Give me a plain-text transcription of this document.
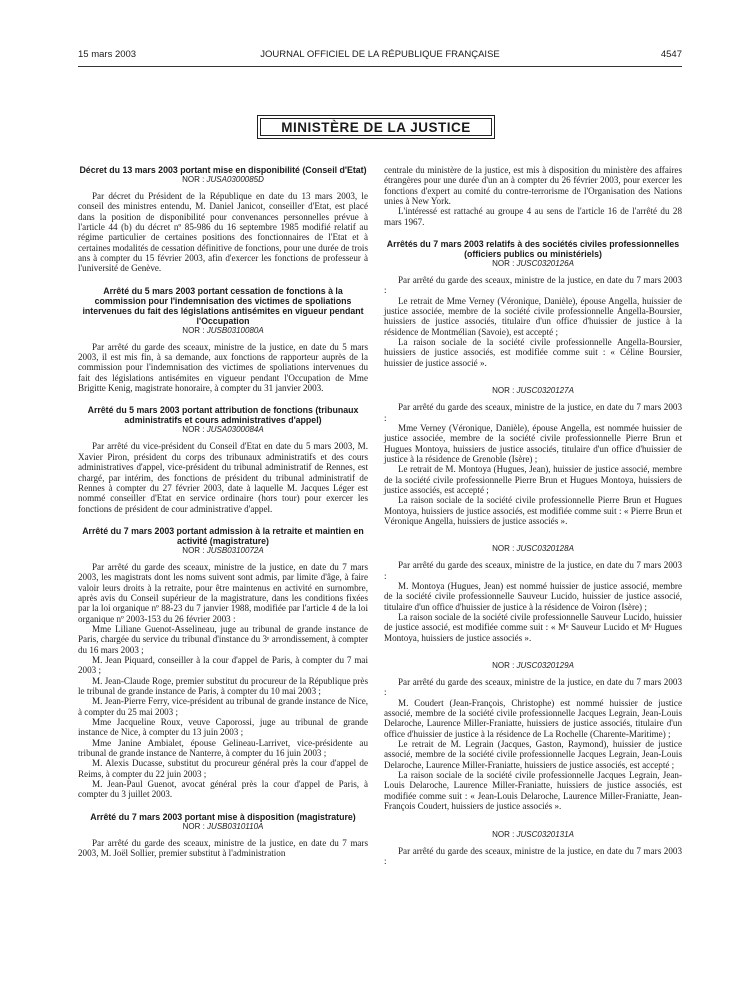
15 mars 2003	JOURNAL OFFICIEL DE LA RÉPUBLIQUE FRANÇAISE	4547
MINISTÈRE DE LA JUSTICE

Décret du 13 mars 2003 portant mise en disponibilité (Conseil d'Etat)

NOR : JUSA0300085D

Par décret du Président de la République en date du 13 mars 2003, le conseil des ministres entendu, M. Daniel Janicot, conseiller d'Etat, est placé dans la position de disponibilité pour convenances personnelles prévue à l'article 44 (b) du décret nº 85-986 du 16 septembre 1985 modifié relatif au régime particulier de certaines positions des fonctionnaires de l'Etat et à certaines modalités de cessation définitive de fonctions, pour une durée de trois ans à compter du 15 février 2003, afin d'exercer les fonctions de professeur à l'université de Genève.

Arrêté du 5 mars 2003 portant cessation de fonctions à la commission pour l'indemnisation des victimes de spoliations intervenues du fait des législations antisémites en vigueur pendant l'Occupation

NOR : JUSB0310080A

Par arrêté du garde des sceaux, ministre de la justice, en date du 5 mars 2003, il est mis fin, à sa demande, aux fonctions de rapporteur auprès de la commission pour l'indemnisation des victimes de spoliations intervenues du fait des législations antisémites en vigueur pendant l'Occupation de Mme Brigitte Kenig, magistrate honoraire, à compter du 31 janvier 2003.

Arrêté du 5 mars 2003 portant attribution de fonctions (tribunaux administratifs et cours administratives d'appel)

NOR : JUSA0300084A

Par arrêté du vice-président du Conseil d'Etat en date du 5 mars 2003, M. Xavier Piron, président du corps des tribunaux administratifs et des cours administratives d'appel, vice-président du tribunal administratif de Rennes, est chargé, par intérim, des fonctions de président du tribunal administratif de Rennes à compter du 27 février 2003, date à laquelle M. Jacques Léger est nommé conseiller d'Etat en service ordinaire (hors tour) pour exercer les fonctions de président de cour administrative d'appel.

Arrêté du 7 mars 2003 portant admission à la retraite et maintien en activité (magistrature)

NOR : JUSB0310072A

Par arrêté du garde des sceaux, ministre de la justice, en date du 7 mars 2003, les magistrats dont les noms suivent sont admis, par limite d'âge, à faire valoir leurs droits à la retraite, pour être maintenus en activité en surnombre, après avis du Conseil supérieur de la magistrature, dans les conditions fixées par la loi organique nº 88-23 du 7 janvier 1988, modifiée par l'article 4 de la loi organique nº 2003-153 du 26 février 2003 :

Mme Liliane Guenot-Asselineau, juge au tribunal de grande instance de Paris, chargée du service du tribunal d'instance du 3ᵉ arrondissement, à compter du 16 mars 2003 ;

M. Jean Piquard, conseiller à la cour d'appel de Paris, à compter du 7 mai 2003 ;

M. Jean-Claude Roge, premier substitut du procureur de la République près le tribunal de grande instance de Paris, à compter du 10 mai 2003 ;

M. Jean-Pierre Ferry, vice-président au tribunal de grande instance de Nice, à compter du 25 mai 2003 ;

Mme Jacqueline Roux, veuve Caporossi, juge au tribunal de grande instance de Nice, à compter du 13 juin 2003 ;

Mme Janine Ambialet, épouse Gelineau-Larrivet, vice-présidente au tribunal de grande instance de Nanterre, à compter du 16 juin 2003 ;

M. Alexis Ducasse, substitut du procureur général près la cour d'appel de Reims, à compter du 22 juin 2003 ;

M. Jean-Paul Guenot, avocat général près la cour d'appel de Paris, à compter du 3 juillet 2003.

Arrêté du 7 mars 2003 portant mise à disposition (magistrature)

NOR : JUSB0310110A

Par arrêté du garde des sceaux, ministre de la justice, en date du 7 mars 2003, M. Joël Sollier, premier substitut à l'administration

centrale du ministère de la justice, est mis à disposition du ministère des affaires étrangères pour une durée d'un an à compter du 26 février 2003, pour exercer les fonctions d'expert au comité du contre-terrorisme de l'Organisation des Nations unies à New York.

L'intéressé est rattaché au groupe 4 au sens de l'article 16 de l'arrêté du 28 mars 1967.

Arrêtés du 7 mars 2003 relatifs à des sociétés civiles professionnelles (officiers publics ou ministériels)

NOR : JUSC0320126A

Par arrêté du garde des sceaux, ministre de la justice, en date du 7 mars 2003 :

Le retrait de Mme Verney (Véronique, Danièle), épouse Angella, huissier de justice associée, membre de la société civile professionnelle Angella-Boursier, huissiers de justice associés, titulaire d'un office d'huissier de justice à la résidence de Montmélian (Savoie), est accepté ;

La raison sociale de la société civile professionnelle Angella-Boursier, huissiers de justice associés, est modifiée comme suit : « Céline Boursier, huissier de justice associé ».

NOR : JUSC0320127A

Par arrêté du garde des sceaux, ministre de la justice, en date du 7 mars 2003 :

Mme Verney (Véronique, Danièle), épouse Angella, est nommée huissier de justice associée, membre de la société civile professionnelle Pierre Brun et Hugues Montoya, huissiers de justice associés, titulaire d'un office d'huissier de justice à la résidence de Grenoble (Isère) ;

Le retrait de M. Montoya (Hugues, Jean), huissier de justice associé, membre de la société civile professionnelle Pierre Brun et Hugues Montoya, huissiers de justice associés, est accepté ;

La raison sociale de la société civile professionnelle Pierre Brun et Hugues Montoya, huissiers de justice associés, est modifiée comme suit : « Pierre Brun et Véronique Angella, huissiers de justice associés ».

NOR : JUSC0320128A

Par arrêté du garde des sceaux, ministre de la justice, en date du 7 mars 2003 :

M. Montoya (Hugues, Jean) est nommé huissier de justice associé, membre de la société civile professionnelle Sauveur Lucido, huissier de justice associé, titulaire d'un office d'huissier de justice à la résidence de Voiron (Isère) ;

La raison sociale de la société civile professionnelle Sauveur Lucido, huissier de justice associé, est modifiée comme suit : « Mᵉ Sauveur Lucido et Mᵉ Hugues Montoya, huissiers de justice associés ».

NOR : JUSC0320129A

Par arrêté du garde des sceaux, ministre de la justice, en date du 7 mars 2003 :

M. Coudert (Jean-François, Christophe) est nommé huissier de justice associé, membre de la société civile professionnelle Jacques Legrain, Jean-Louis Delaroche, Laurence Miller-Franiatte, huissiers de justice associés, titulaire d'un office d'huissier de justice à la résidence de La Rochelle (Charente-Maritime) ;

Le retrait de M. Legrain (Jacques, Gaston, Raymond), huissier de justice associé, membre de la société civile professionnelle Jacques Legrain, Jean-Louis Delaroche, Laurence Miller-Franiatte, huissiers de justice associés, est accepté ;

La raison sociale de la société civile professionnelle Jacques Legrain, Jean-Louis Delaroche, Laurence Miller-Franiatte, huissiers de justice associés, est modifiée comme suit : « Jean-Louis Delaroche, Laurence Miller-Franiatte, Jean-François Coudert, huissiers de justice associés ».

NOR : JUSC0320131A

Par arrêté du garde des sceaux, ministre de la justice, en date du 7 mars 2003 :
